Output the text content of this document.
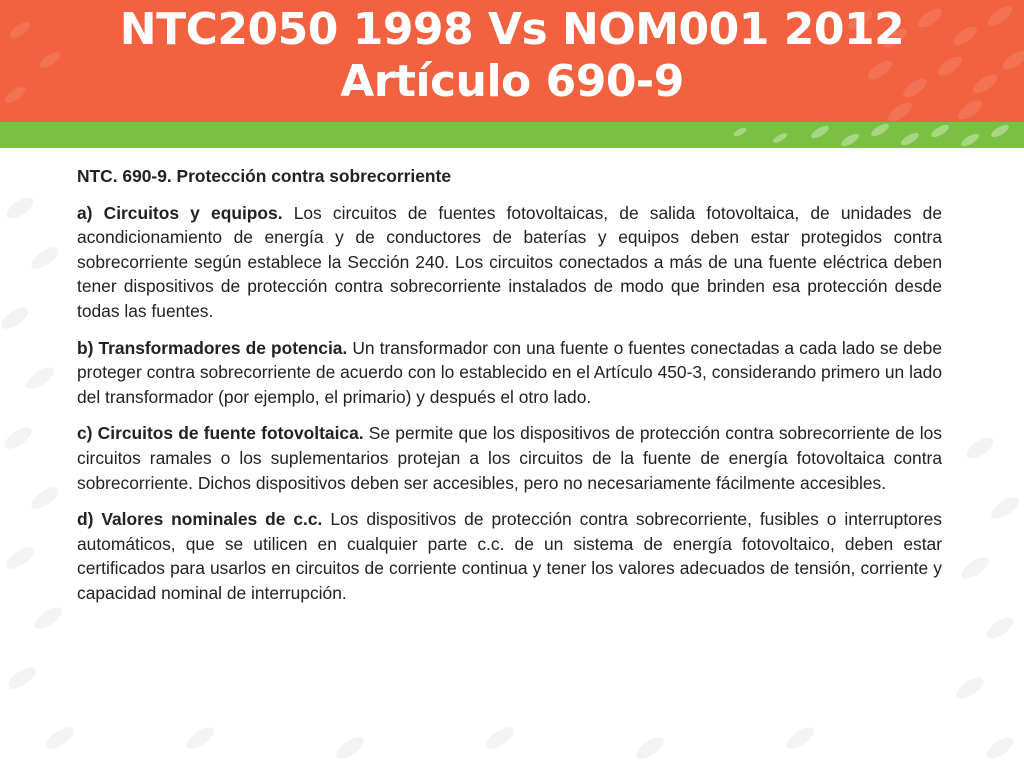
NTC2050 1998 Vs NOM001 2012
Artículo 690-9

NTC. 690-9. Protección contra sobrecorriente

a) Circuitos y equipos. Los circuitos de fuentes fotovoltaicas, de salida fotovoltaica, de unidades de acondicionamiento de energía y de conductores de baterías y equipos deben estar protegidos contra sobrecorriente según establece la Sección 240. Los circuitos conectados a más de una fuente eléctrica deben tener dispositivos de protección contra sobrecorriente instalados de modo que brinden esa protección desde todas las fuentes.

b) Transformadores de potencia. Un transformador con una fuente o fuentes conectadas a cada lado se debe proteger contra sobrecorriente de acuerdo con lo establecido en el Artículo 450-3, considerando primero un lado del transformador (por ejemplo, el primario) y después el otro lado.

c) Circuitos de fuente fotovoltaica. Se permite que los dispositivos de protección contra sobrecorriente de los circuitos ramales o los suplementarios protejan a los circuitos de la fuente de energía fotovoltaica contra sobrecorriente. Dichos dispositivos deben ser accesibles, pero no necesariamente fácilmente accesibles.

d) Valores nominales de c.c. Los dispositivos de protección contra sobrecorriente, fusibles o interruptores automáticos, que se utilicen en cualquier parte c.c. de un sistema de energía fotovoltaico, deben estar certificados para usarlos en circuitos de corriente continua y tener los valores adecuados de tensión, corriente y capacidad nominal de interrupción.
